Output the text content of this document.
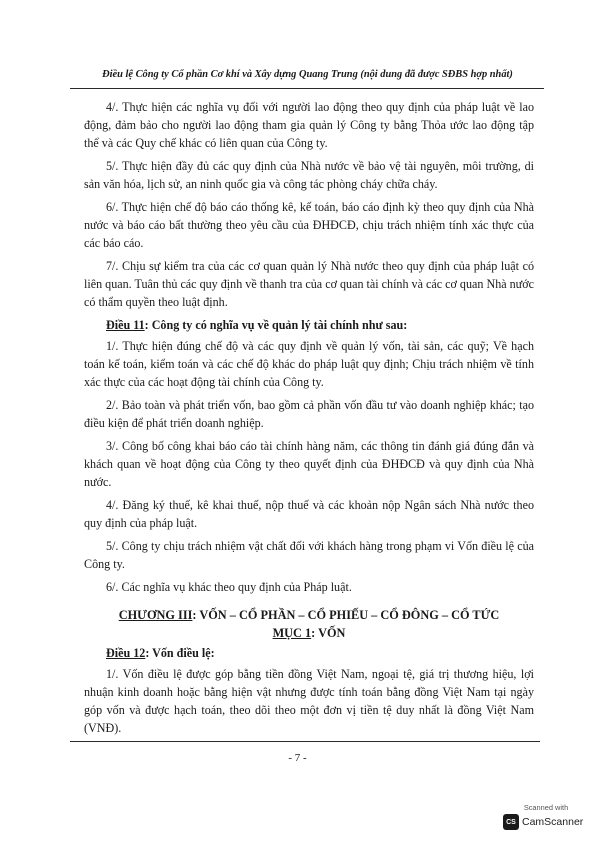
Điều lệ Công ty Cổ phần Cơ khí và Xây dựng Quang Trung (nội dung đã được SĐBS hợp nhất)

4/. Thực hiện các nghĩa vụ đối với người lao động theo quy định của pháp luật về lao động, đảm bảo cho người lao động tham gia quản lý Công ty bằng Thỏa ước lao động tập thể và các Quy chế khác có liên quan của Công ty.

5/. Thực hiện đầy đủ các quy định của Nhà nước về bảo vệ tài nguyên, môi trường, di sản văn hóa, lịch sử, an ninh quốc gia và công tác phòng cháy chữa cháy.

6/. Thực hiện chế độ báo cáo thống kê, kế toán, báo cáo định kỳ theo quy định của Nhà nước và báo cáo bất thường theo yêu cầu của ĐHĐCĐ, chịu trách nhiệm tính xác thực của các báo cáo.

7/. Chịu sự kiểm tra của các cơ quan quản lý Nhà nước theo quy định của pháp luật có liên quan. Tuân thủ các quy định về thanh tra của cơ quan tài chính và các cơ quan Nhà nước có thẩm quyền theo luật định.

Điều 11: Công ty có nghĩa vụ về quản lý tài chính như sau:

1/. Thực hiện đúng chế độ và các quy định về quản lý vốn, tài sản, các quỹ; Về hạch toán kế toán, kiểm toán và các chế độ khác do pháp luật quy định; Chịu trách nhiệm về tính xác thực của các hoạt động tài chính của Công ty.

2/. Bảo toàn và phát triển vốn, bao gồm cả phần vốn đầu tư vào doanh nghiệp khác; tạo điều kiện để phát triển doanh nghiệp.

3/. Công bố công khai báo cáo tài chính hàng năm, các thông tin đánh giá đúng đắn và khách quan về hoạt động của Công ty theo quyết định của ĐHĐCĐ và quy định của Nhà nước.

4/. Đăng ký thuế, kê khai thuế, nộp thuế và các khoản nộp Ngân sách Nhà nước theo quy định của pháp luật.

5/. Công ty chịu trách nhiệm vật chất đối với khách hàng trong phạm vi Vốn điều lệ của Công ty.

6/. Các nghĩa vụ khác theo quy định của Pháp luật.

CHƯƠNG III: VỐN – CỔ PHẦN – CỔ PHIẾU – CỔ ĐÔNG – CỔ TỨC
MỤC 1: VỐN

Điều 12: Vốn điều lệ:

1/. Vốn điều lệ được góp bằng tiền đồng Việt Nam, ngoại tệ, giá trị thương hiệu, lợi nhuận kinh doanh hoặc bằng hiện vật nhưng được tính toán bằng đồng Việt Nam tại ngày góp vốn và được hạch toán, theo dõi theo một đơn vị tiền tệ duy nhất là đồng Việt Nam (VNĐ).

- 7 -
Scanned with
CS CamScanner
